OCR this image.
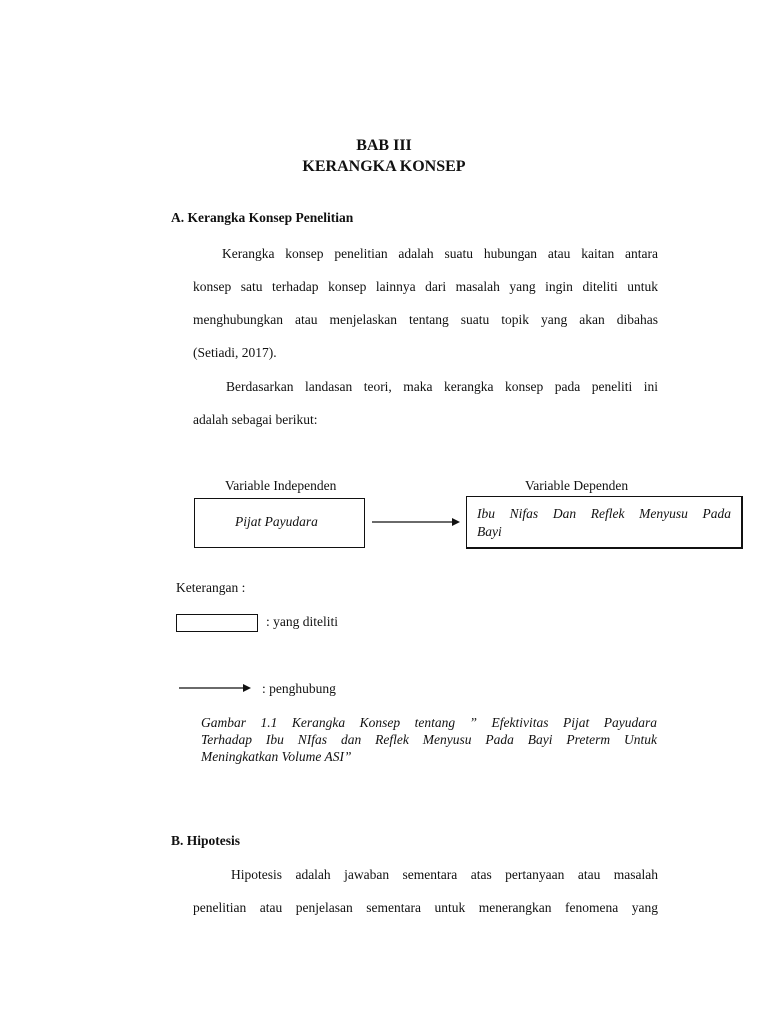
BAB III
KERANGKA KONSEP
A. Kerangka Konsep Penelitian

Kerangka konsep penelitian adalah suatu hubungan atau kaitan antara

konsep satu terhadap konsep lainnya dari masalah yang ingin diteliti untuk

menghubungkan atau menjelaskan tentang suatu topik yang akan dibahas

(Setiadi, 2017).

Berdasarkan landasan teori, maka kerangka konsep pada peneliti ini

adalah sebagai berikut:

Variable Independen	Variable Dependen
Pijat Payudara
Ibu Nifas Dan Reflek Menyusu Pada
Bayi
Keterangan :
: yang diteliti
: penghubung
Gambar 1.1 Kerangka Konsep tentang ” Efektivitas Pijat Payudara
Terhadap Ibu NIfas dan Reflek Menyusu Pada Bayi Preterm Untuk
Meningkatkan Volume ASI”
B. Hipotesis

Hipotesis adalah jawaban sementara atas pertanyaan atau masalah

penelitian atau penjelasan sementara untuk menerangkan fenomena yang
